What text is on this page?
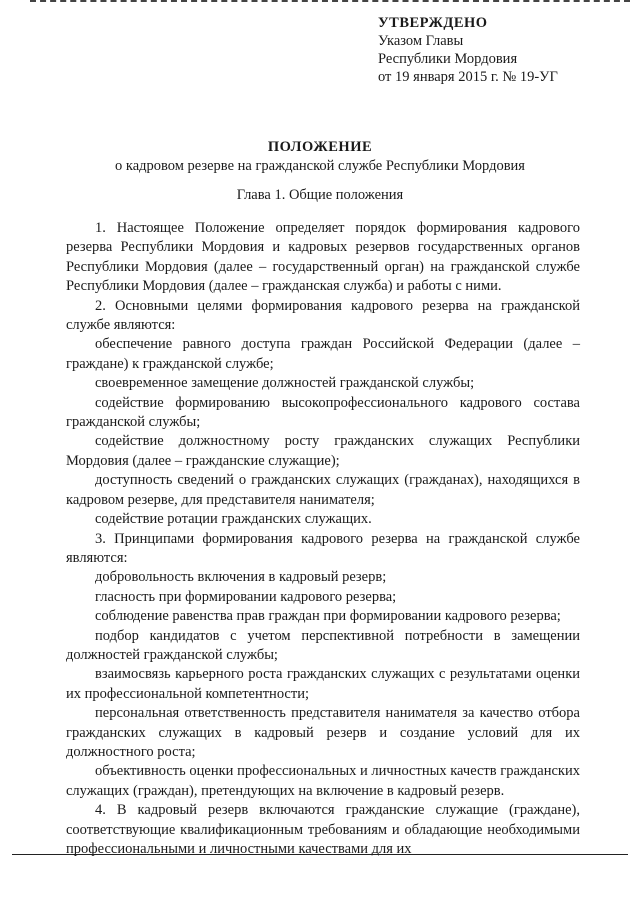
УТВЕРЖДЕНО
Указом Главы
Республики Мордовия
от 19 января 2015 г. № 19-УГ
ПОЛОЖЕНИЕ
о кадровом резерве на гражданской службе Республики Мордовия
Глава 1. Общие положения

1. Настоящее Положение определяет порядок формирования кадрового резерва Республики Мордовия и кадровых резервов государственных органов Республики Мордовия (далее – государственный орган) на гражданской службе Республики Мордовия (далее – гражданская служба) и работы с ними.

2. Основными целями формирования кадрового резерва на гражданской службе являются:

обеспечение равного доступа граждан Российской Федерации (далее – граждане) к гражданской службе;

своевременное замещение должностей гражданской службы;

содействие формированию высокопрофессионального кадрового состава гражданской службы;

содействие должностному росту гражданских служащих Республики Мордовия (далее – гражданские служащие);

доступность сведений о гражданских служащих (гражданах), находящихся в кадровом резерве, для представителя нанимателя;

содействие ротации гражданских служащих.

3. Принципами формирования кадрового резерва на гражданской службе являются:

добровольность включения в кадровый резерв;

гласность при формировании кадрового резерва;

соблюдение равенства прав граждан при формировании кадрового резерва;

подбор кандидатов с учетом перспективной потребности в замещении должностей гражданской службы;

взаимосвязь карьерного роста гражданских служащих с результатами оценки их профессиональной компетентности;

персональная ответственность представителя нанимателя за качество отбора гражданских служащих в кадровый резерв и создание условий для их должностного роста;

объективность оценки профессиональных и личностных качеств гражданских служащих (граждан), претендующих на включение в кадровый резерв.

4. В кадровый резерв включаются гражданские служащие (граждане), соответствующие квалификационным требованиям и обладающие необходимыми профессиональными и личностными качествами для их
